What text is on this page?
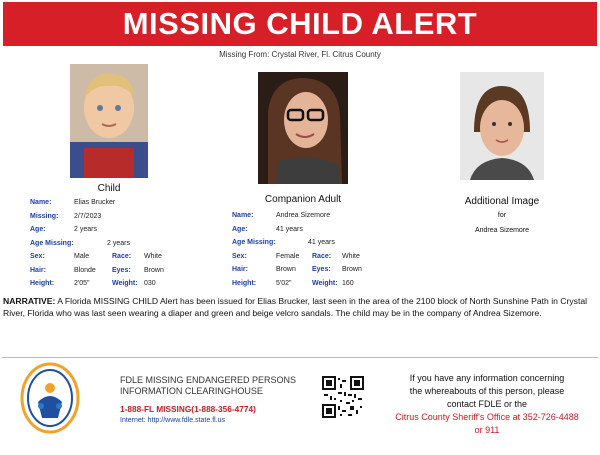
MISSING CHILD ALERT
Missing From: Crystal River, Fl. Citrus County
Child
Companion Adult	Additional Image
for
Andrea Sizemore
Name:	Elias Brucker
Missing: 2/7/2023
Age:	2 years
Age Missing:	2 years
Sex:	Male	Race: White
Hair:	Blonde Eyes: Brown
Height:	2'05"	Weight: 030
Name:	Andrea Sizemore
Age:	41 years
Age Missing:	41 years
Sex:	Female Race: White
Hair:	Brown Eyes: Brown
Height:	5'02"	Weight: 160
NARRATIVE: A Florida MISSING CHILD Alert has been issued for Elias Brucker, last seen in the area of the 2100 block of North Sunshine Path in Crystal River, Florida who was last seen wearing a diaper and green and beige velcro sandals. The child may be in the company of Andrea Sizemore.
FDLE MISSING ENDANGERED PERSONS
INFORMATION CLEARINGHOUSE
1-888-FL MISSING(1-888-356-4774)
Internet: http://www.fdle.state.fl.us
If you have any information concerning
the whereabouts of this person, please
contact FDLE or the
Citrus County Sheriff's Office at 352-726-4488
or 911
